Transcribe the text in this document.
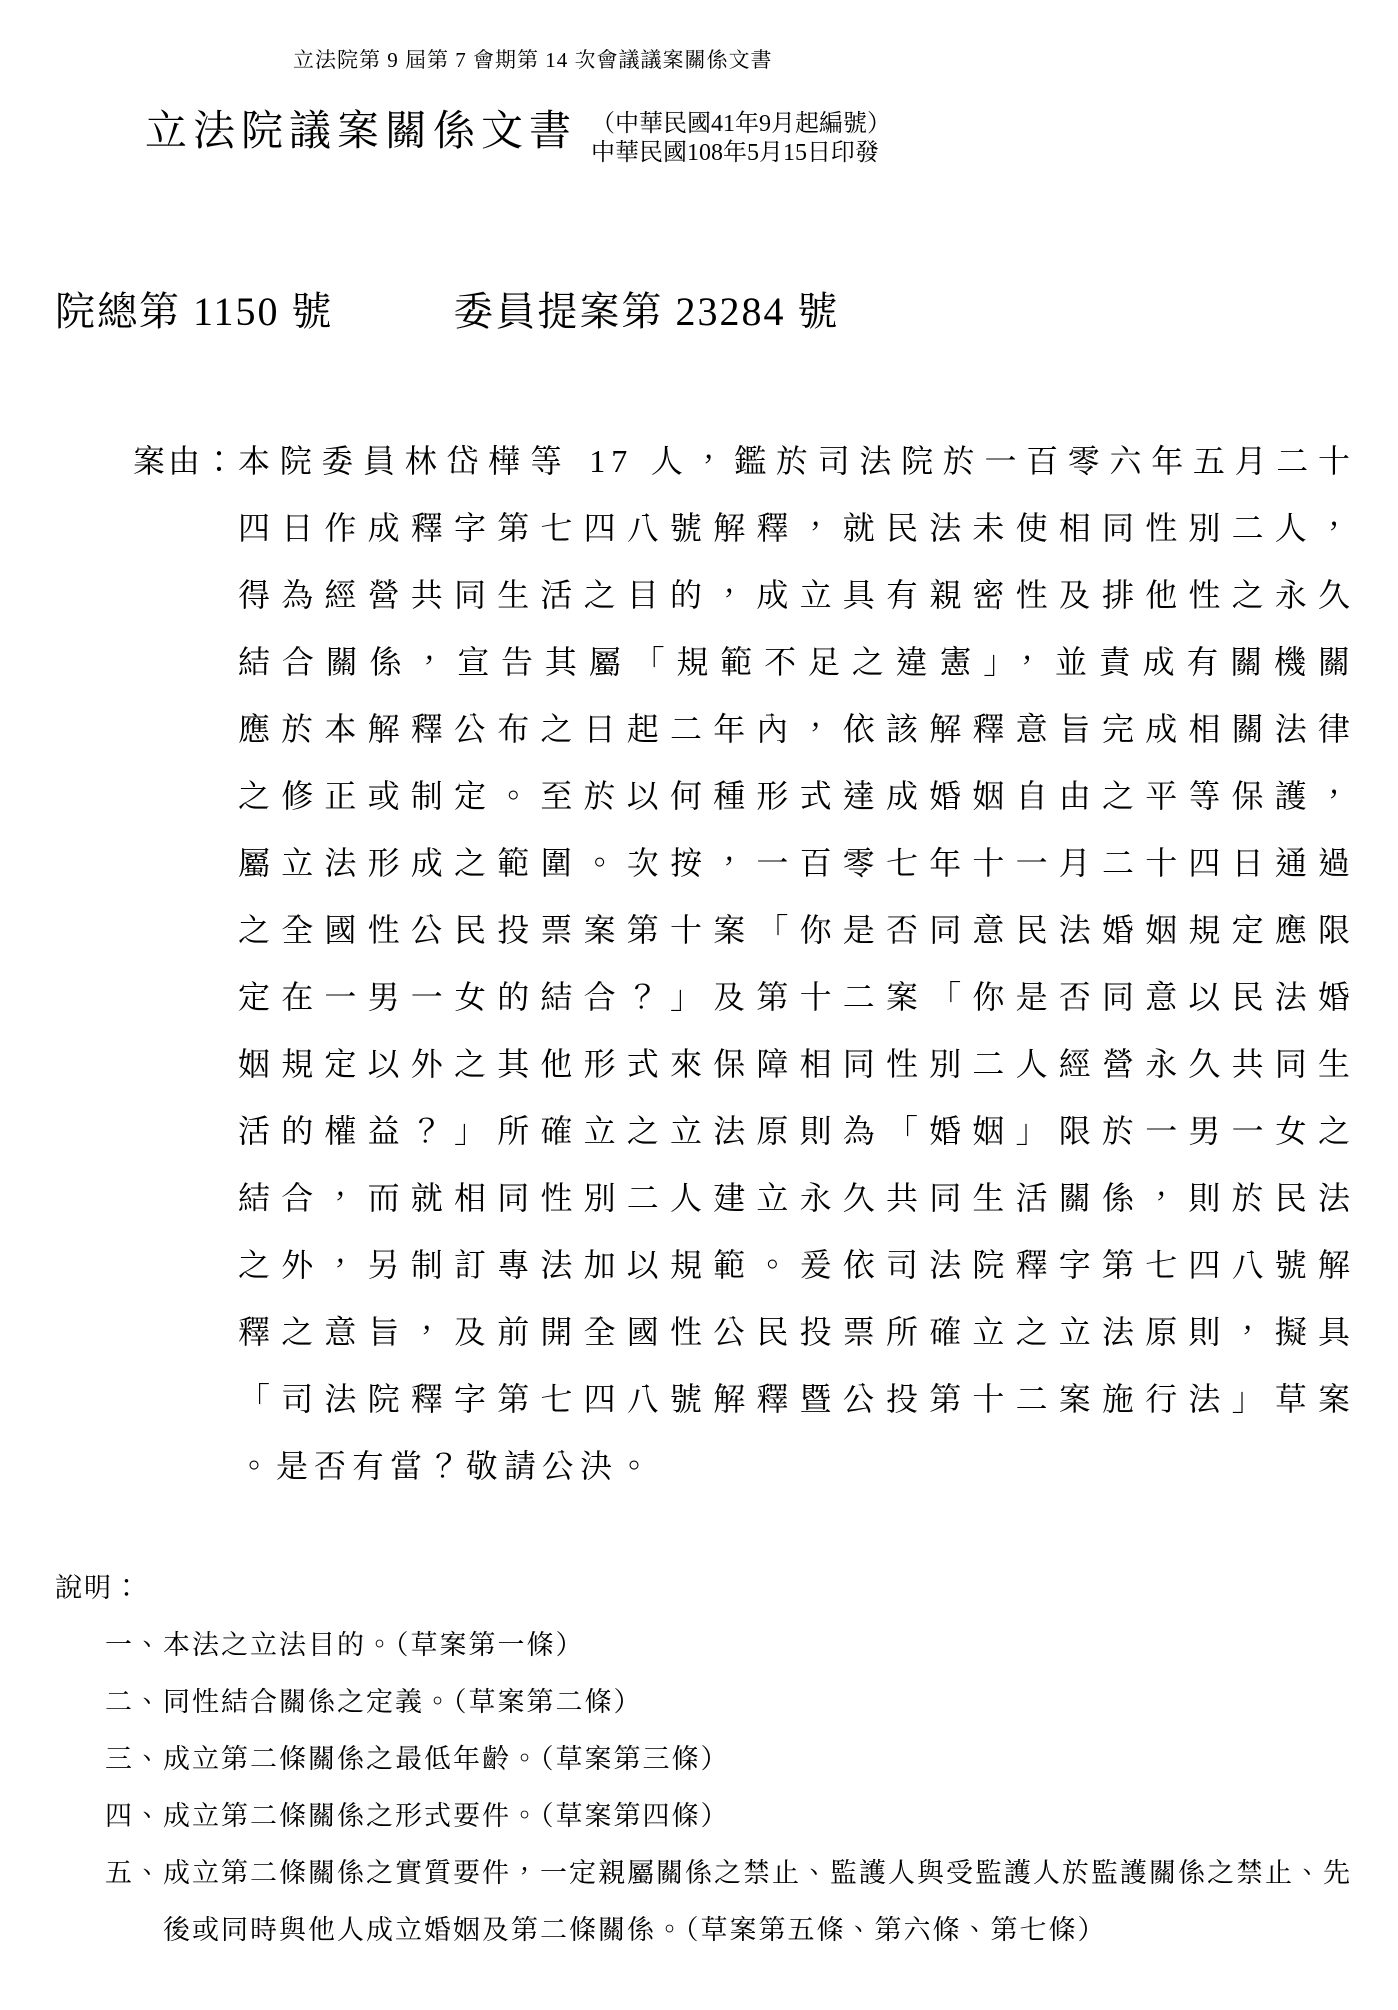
立法院第 9 屆第 7 會期第 14 次會議議案關係文書
立法院議案關係文書 （中華民國41年9月起編號）
中華民國108年5月15日印發
院總第 1150 號	委員提案第 23284 號
案由： 本院委員林岱樺等 17 人，鑑於司法院於一百零六年五月二十
四日作成釋字第七四八號解釋，就民法未使相同性別二人，
得為經營共同生活之目的，成立具有親密性及排他性之永久
結合關係，宣告其屬「規範不足之違憲」，並責成有關機關
應於本解釋公布之日起二年內，依該解釋意旨完成相關法律
之修正或制定。至於以何種形式達成婚姻自由之平等保護，
屬立法形成之範圍。次按，一百零七年十一月二十四日通過
之全國性公民投票案第十案「你是否同意民法婚姻規定應限
定在一男一女的結合？」及第十二案「你是否同意以民法婚
姻規定以外之其他形式來保障相同性別二人經營永久共同生
活的權益？」所確立之立法原則為「婚姻」限於一男一女之
結合，而就相同性別二人建立永久共同生活關係，則於民法
之外，另制訂專法加以規範。爰依司法院釋字第七四八號解
釋之意旨，及前開全國性公民投票所確立之立法原則，擬具
「司法院釋字第七四八號解釋暨公投第十二案施行法」草案
。是否有當？敬請公決。
說明：
一、本法之立法目的。（草案第一條）
二、同性結合關係之定義。（草案第二條）
三、成立第二條關係之最低年齡。（草案第三條）
四、成立第二條關係之形式要件。（草案第四條）
五、成立第二條關係之實質要件，一定親屬關係之禁止、監護人與受監護人於監護關係之禁止、先後或同時與他人成立婚姻及第二條關係。（草案第五條、第六條、第七條）
